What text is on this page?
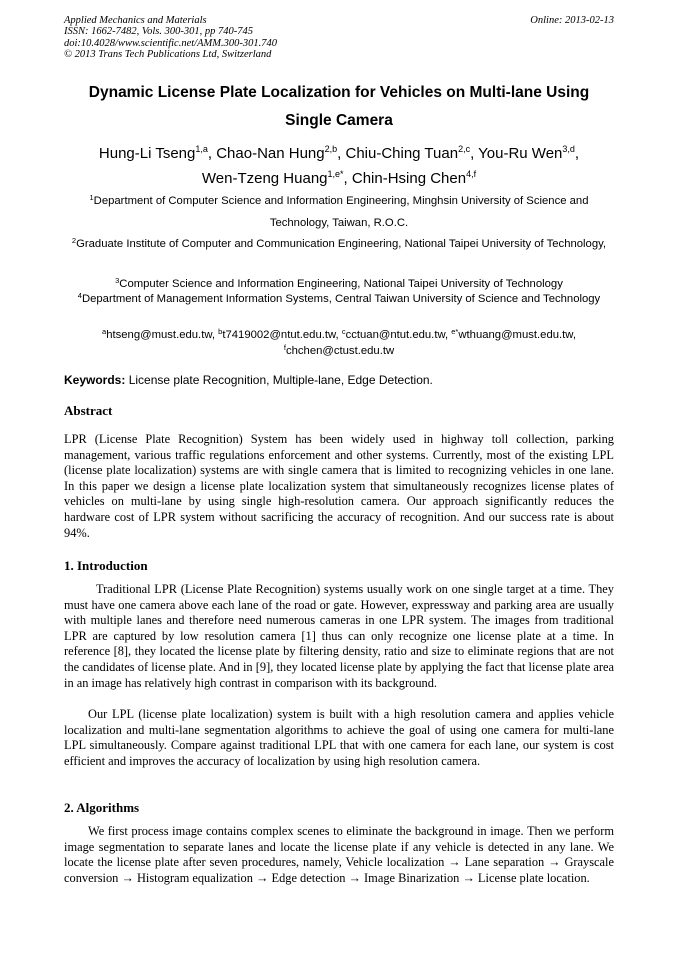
Applied Mechanics and Materials
ISSN: 1662-7482, Vols. 300-301, pp 740-745
doi:10.4028/www.scientific.net/AMM.300-301.740
© 2013 Trans Tech Publications Ltd, Switzerland
Online: 2013-02-13
Dynamic License Plate Localization for Vehicles on Multi-lane Using
Single Camera
Hung-Li Tseng$^{1,a}$, Chao-Nan Hung$^{2,b}$, Chiu-Ching Tuan$^{2,c}$, You-Ru Wen$^{3,d}$,
Wen-Tzeng Huang$^{1,e*}$, Chin-Hsing Chen$^{4,f}$
$^1$Department of Computer Science and Information Engineering, Minghsin University of Science and Technology, Taiwan, R.O.C.
$^2$Graduate Institute of Computer and Communication Engineering, National Taipei University of Technology,
$^3$Computer Science and Information Engineering, National Taipei University of Technology
$^4$Department of Management Information Systems, Central Taiwan University of Science and Technology
$^a$htseng@must.edu.tw, $^b$t7419002@ntut.edu.tw, $^c$cctuan@ntut.edu.tw, $^{e*}$wthuang@must.edu.tw,
$^f$chchen@ctust.edu.tw
Keywords: License plate Recognition, Multiple-lane, Edge Detection.
Abstract
LPR (License Plate Recognition) System has been widely used in highway toll collection, parking management, various traffic regulations enforcement and other systems. Currently, most of the existing LPL (license plate localization) systems are with single camera that is limited to recognizing vehicles in one lane. In this paper we design a license plate localization system that simultaneously recognizes license plates of vehicles on multi-lane by using single high-resolution camera. Our approach significantly reduces the hardware cost of LPR system without sacrificing the accuracy of recognition. And our success rate is about 94%.
1. Introduction
Traditional LPR (License Plate Recognition) systems usually work on one single target at a time. They must have one camera above each lane of the road or gate. However, expressway and parking area are usually with multiple lanes and therefore need numerous cameras in one LPR system. The images from traditional LPR are captured by low resolution camera [1] thus can only recognize one license plate at a time. In reference [8], they located the license plate by filtering density, ratio and size to eliminate regions that are not the candidates of license plate. And in [9], they located license plate by applying the fact that license plate area in an image has relatively high contrast in comparison with its background.
Our LPL (license plate localization) system is built with a high resolution camera and applies vehicle localization and multi-lane segmentation algorithms to achieve the goal of using one camera for multi-lane LPL simultaneously. Compare against traditional LPL that with one camera for each lane, our system is cost efficient and improves the accuracy of localization by using high resolution camera.
2. Algorithms
We first process image contains complex scenes to eliminate the background in image. Then we perform image segmentation to separate lanes and locate the license plate if any vehicle is detected in any lane. We locate the license plate after seven procedures, namely, Vehicle localization → Lane separation → Grayscale conversion → Histogram equalization → Edge detection → Image Binarization → License plate location.
